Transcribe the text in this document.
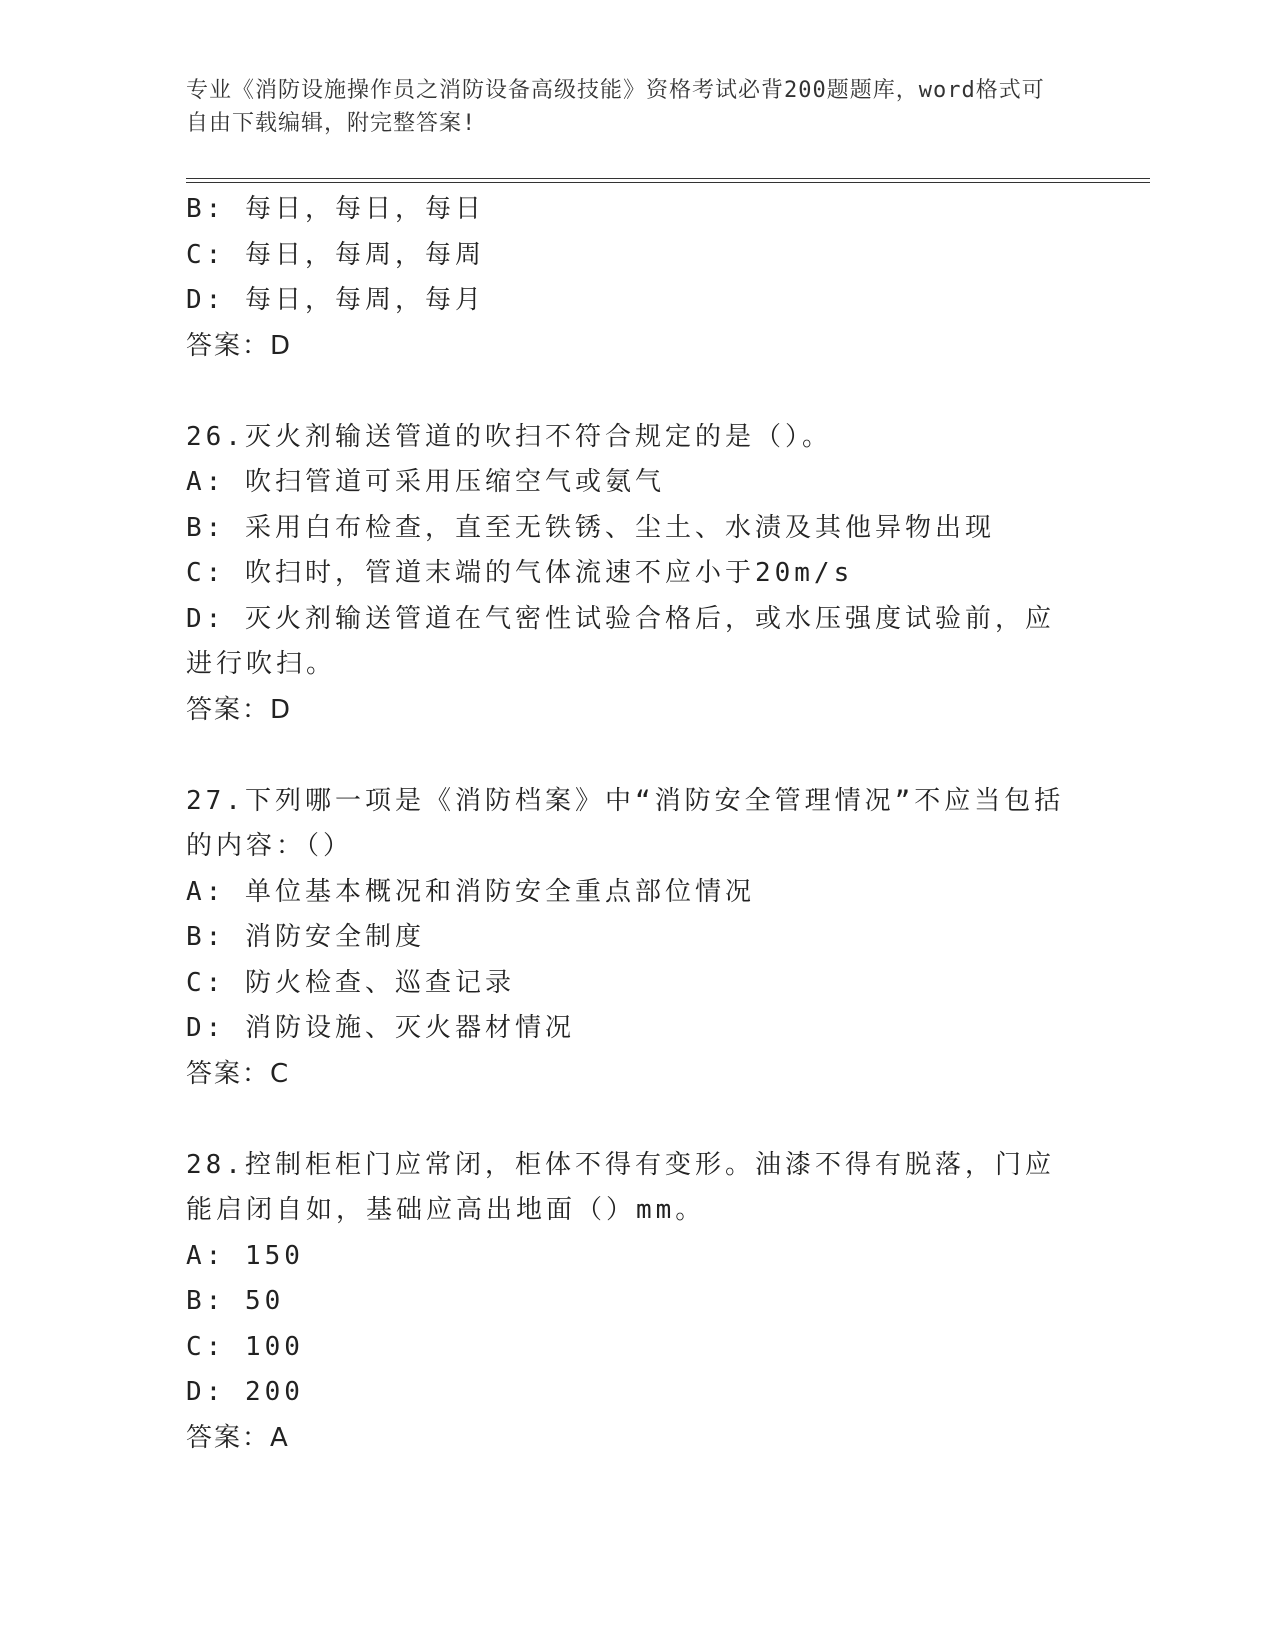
专业《消防设施操作员之消防设备高级技能》资格考试必背200题题库，word格式可自由下载编辑，附完整答案!
B: 每日，每日，每日
C: 每日，每周，每周
D: 每日，每周，每月
答案：D
26.灭火剂输送管道的吹扫不符合规定的是（）。
A: 吹扫管道可采用压缩空气或氨气
B: 采用白布检查，直至无铁锈、尘土、水渍及其他异物出现
C: 吹扫时，管道末端的气体流速不应小于20m/s
D: 灭火剂输送管道在气密性试验合格后，或水压强度试验前，应进行吹扫。
答案：D
27.下列哪一项是《消防档案》中“消防安全管理情况”不应当包括的内容：（）
A: 单位基本概况和消防安全重点部位情况
B: 消防安全制度
C: 防火检查、巡查记录
D: 消防设施、灭火器材情况
答案：C
28.控制柜柜门应常闭，柜体不得有变形。油漆不得有脱落，门应能启闭自如，基础应高出地面（）mm。
A: 150
B: 50
C: 100
D: 200
答案：A
